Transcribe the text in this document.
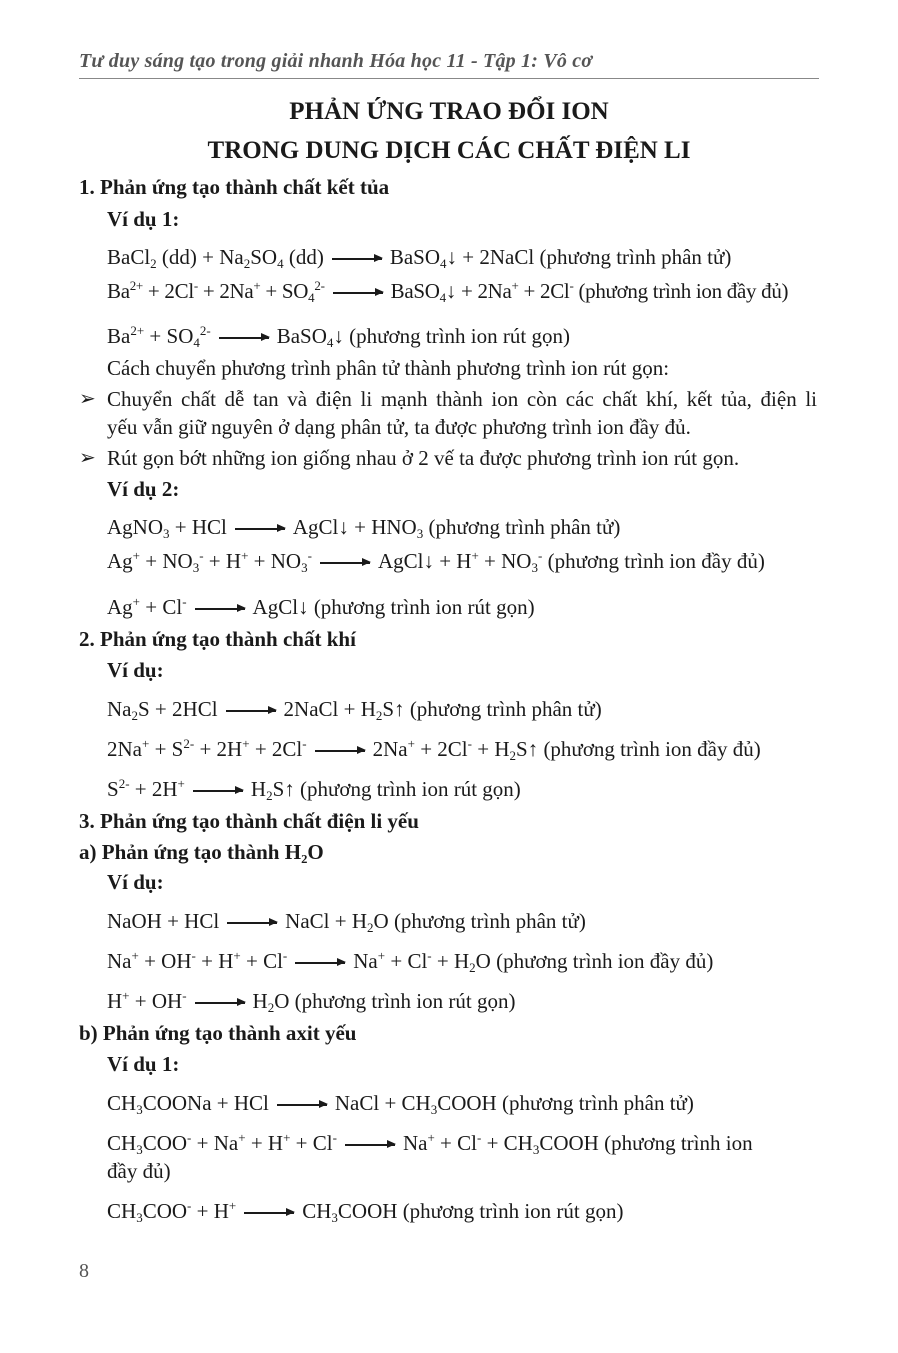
Tư duy sáng tạo trong giải nhanh Hóa học 11 - Tập 1: Vô cơ
PHẢN ỨNG TRAO ĐỔI ION
TRONG DUNG DỊCH CÁC CHẤT ĐIỆN LI
1. Phản ứng tạo thành chất kết tủa
Ví dụ 1:
BaCl$_2$ $(dd) + Na_2SO_4$ (dd) → BaSO$_4$↓ + 2NaCl (phương trình phân tử)
$Ba^{2+} + 2Cl^- + 2Na^+ + SO_4^{2-}$ → BaSO$_4$↓ + 2Na+ + 2Cl- (phương trình ion đầy đủ)
$Ba^{2+} + SO_4^{2-}$ → BaSO$_4$↓ (phương trình ion rút gọn)
Cách chuyển phương trình phân tử thành phương trình ion rút gọn:
➢ Chuyển chất dễ tan và điện li mạnh thành ion còn các chất khí, kết tủa, điện li
yếu vẫn giữ nguyên ở dạng phân tử, ta được phương trình ion đầy đủ.
➢ Rút gọn bớt những ion giống nhau ở 2 vế ta được phương trình ion rút gọn.
Ví dụ 2:
AgNO$_3$ + HCl → AgCl↓ + $HNO_3$ (phương trình phân tử)
$Ag^+ + NO_3^- + H^+ + NO_3^-$ → AgCl↓ + $H^+ + NO_3^-$ (phương trình ion đầy đủ)
Ag+ + Cl- → AgCl↓ (phương trình ion rút gọn)
2. Phản ứng tạo thành chất khí
Ví dụ:
$Na_2S + 2HCl$ → 2NaCl + $H_2S↑$ (phương trình phân tử)
$2Na^+ + S^{2-} + 2H^+ + 2Cl^- \to 2Na^+ + 2Cl^-$ + $H_2S↑$ (phương trình ion đầy đủ)
$S^{2-} + 2H^+$ → $H_2S↑$ (phương trình ion rút gọn)
3. Phản ứng tạo thành chất điện li yếu
a) Phản ứng tạo thành H₂O
Ví dụ:
NaOH + HCl → NaCl + $H_2O$ (phương trình phân tử)
$Na^+ + OH^- + H^+ + Cl^- \to Na^+ + Cl^- + H_2O$ (phương trình ion đầy đủ)
$H^+ + OH^- \to H_2O$ (phương trình ion rút gọn)
b) Phản ứng tạo thành axit yếu
Ví dụ 1:
$CH_3COONa$ + HCl → NaCl + $CH_3COOH$ (phương trình phân tử)
$CH_3COO^- + Na^+ + H^+ + Cl^- \to Na^+ + Cl^-$ + $CH_3COOH$ (phương trình ion
đầy đủ)
$CH_3COO^- + H^+$ → $CH_3COOH$ (phương trình ion rút gọn)
8
